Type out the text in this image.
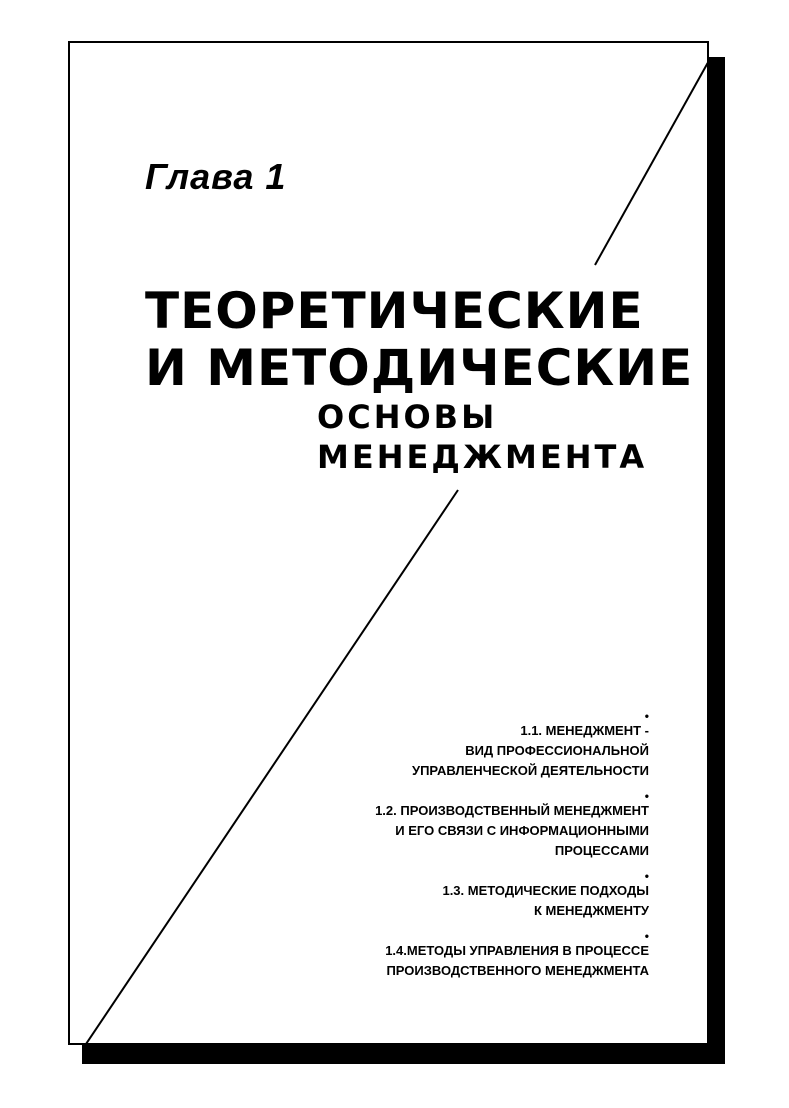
Глава 1
ТЕОРЕТИЧЕСКИЕ
И МЕТОДИЧЕСКИЕ
ОСНОВЫ
МЕНЕДЖМЕНТА
•
1.1. МЕНЕДЖМЕНТ -
ВИД ПРОФЕССИОНАЛЬНОЙ
УПРАВЛЕНЧЕСКОЙ ДЕЯТЕЛЬНОСТИ
•
1.2. ПРОИЗВОДСТВЕННЫЙ МЕНЕДЖМЕНТ
И ЕГО СВЯЗИ С ИНФОРМАЦИОННЫМИ
ПРОЦЕССАМИ
•
1.3. МЕТОДИЧЕСКИЕ ПОДХОДЫ
К МЕНЕДЖМЕНТУ
•
1.4.МЕТОДЫ УПРАВЛЕНИЯ В ПРОЦЕССЕ
ПРОИЗВОДСТВЕННОГО МЕНЕДЖМЕНТА
